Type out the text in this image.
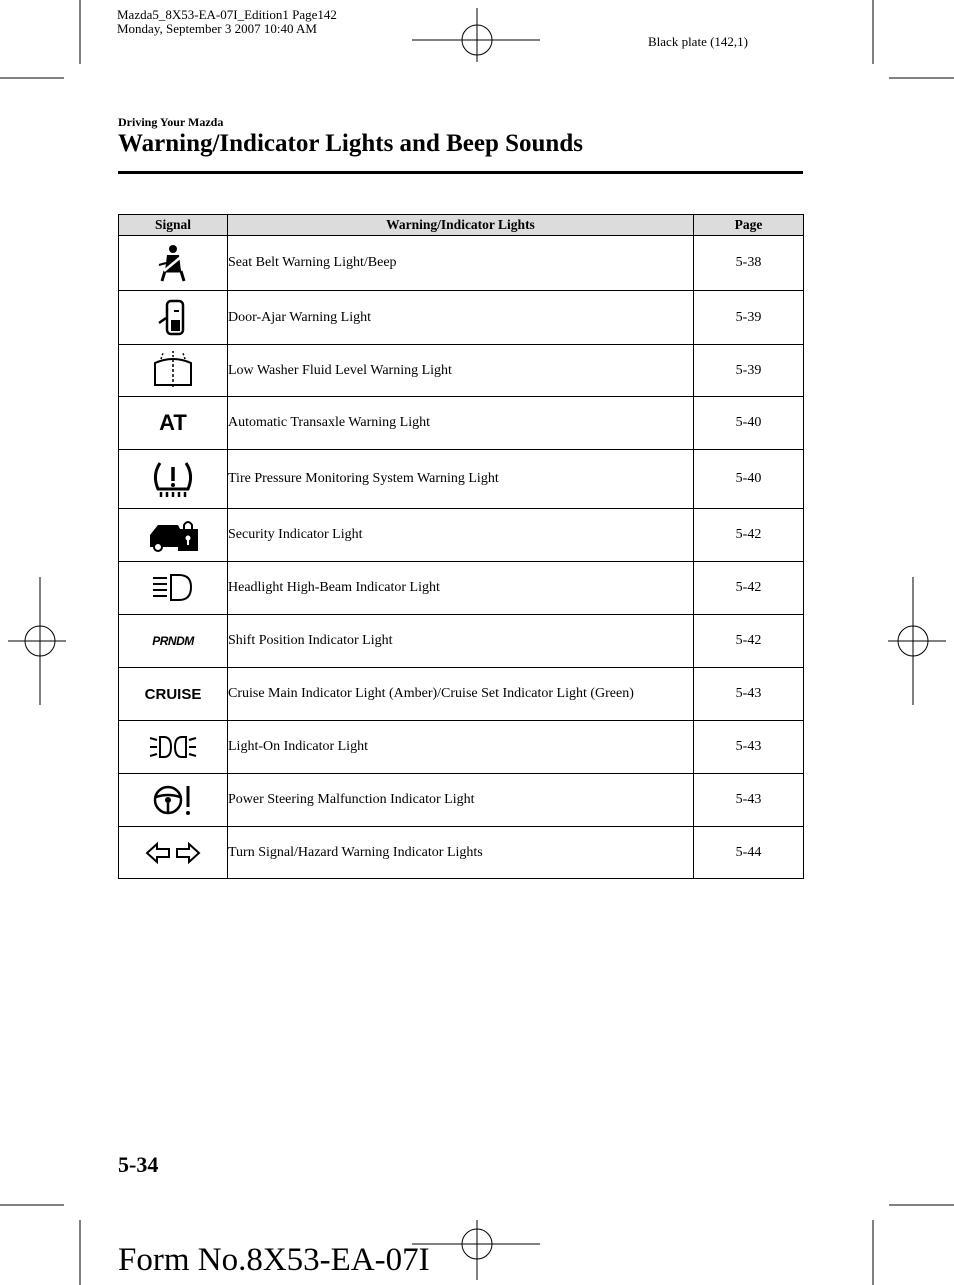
Mazda5_8X53-EA-07I_Edition1 Page142
Monday, September 3 2007 10:40 AM
Black plate (142,1)
Driving Your Mazda
Warning/Indicator Lights and Beep Sounds
Signal	Warning/Indicator Lights	Page
	Seat Belt Warning Light/Beep	5-38
	Door-Ajar Warning Light	5-39
	Low Washer Fluid Level Warning Light	5-39
AT	Automatic Transaxle Warning Light	5-40
	Tire Pressure Monitoring System Warning Light	5-40
	Security Indicator Light	5-42
	Headlight High-Beam Indicator Light	5-42
PRNDM	Shift Position Indicator Light	5-42
CRUISE	Cruise Main Indicator Light (Amber)/Cruise Set Indicator Light (Green)	5-43
	Light-On Indicator Light	5-43
	Power Steering Malfunction Indicator Light	5-43
	Turn Signal/Hazard Warning Indicator Lights	5-44
5-34
Form No.8X53-EA-07I
